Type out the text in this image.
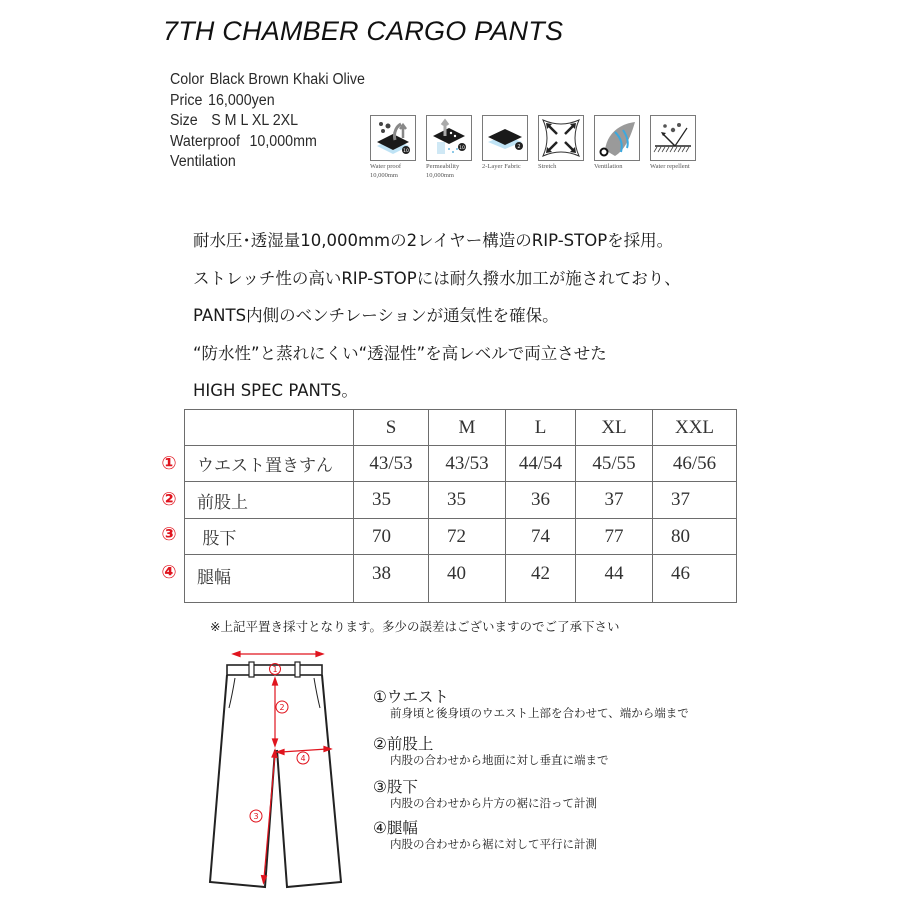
7TH CHAMBER CARGO PANTS
Color Black Brown Khaki Olive
Price 16,000yen
Size  S M L XL 2XL
Waterproof 10,000mm
Ventilation
10
Water proof
10,000mm
10
Permeability
10,000mm
2
2-Layer Fabric	Stretch	Ventilation	Water repellent
耐水圧･透湿量10,000mmの2レイヤー構造のRIP-STOPを採用。
ストレッチ性の高いRIP-STOPには耐久撥水加工が施されており、
PANTS内側のベンチレーションが通気性を確保。
“防水性”と蒸れにくい“透湿性”を高レベルで両立させた
HIGH SPEC PANTS。
①
②
③
④
	S	M	L	XL	XXL
ウエスト置きすん	43/53	43/53	44/54	45/55	46/56
前股上	35	35	36	37	37
股下	70	72	74	77	80
腿幅	38	40	42	44	46
※上記平置き採寸となります。多少の誤差はございますのでご了承下さい
1
2
4
3
①ウエスト
前身頃と後身頃のウエスト上部を合わせて、端から端まで
②前股上
内股の合わせから地面に対し垂直に端まで
③股下
内股の合わせから片方の裾に沿って計測
④腿幅
内股の合わせから裾に対して平行に計測
